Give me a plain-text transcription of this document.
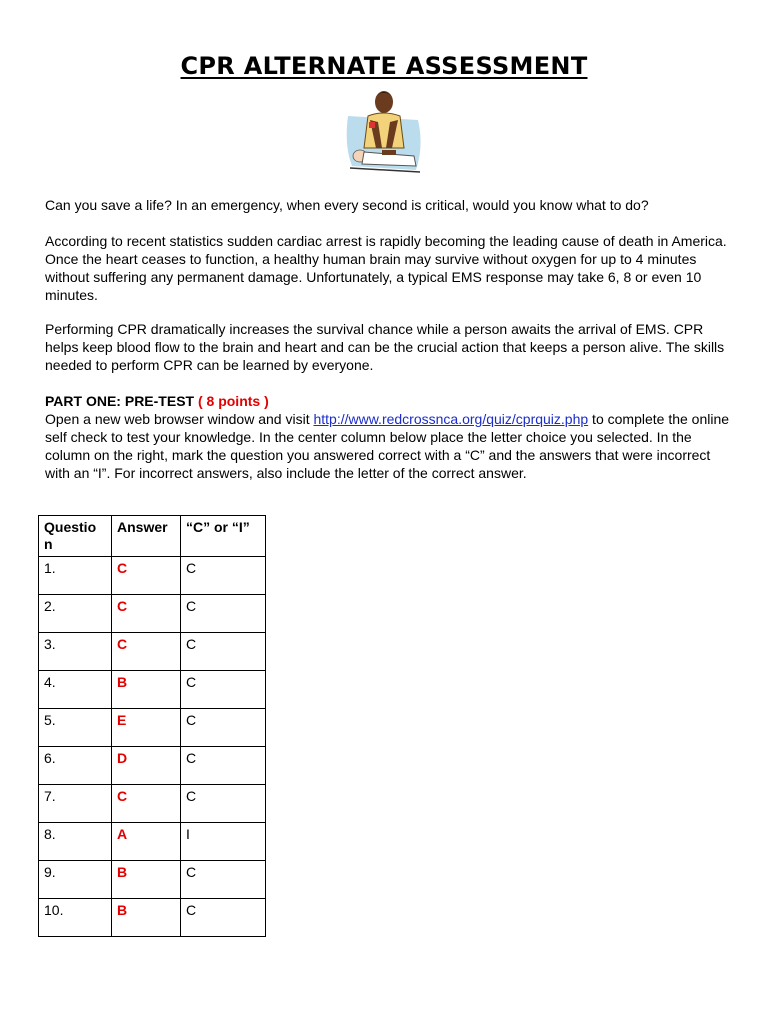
CPR ALTERNATE ASSESSMENT

Can you save a life? In an emergency, when every second is critical, would you know what to do?

According to recent statistics sudden cardiac arrest is rapidly becoming the leading cause of death in America. Once the heart ceases to function, a healthy human brain may survive without oxygen for up to 4 minutes without suffering any permanent damage. Unfortunately, a typical EMS response may take 6, 8 or even 10 minutes.

Performing CPR dramatically increases the survival chance while a person awaits the arrival of EMS. CPR helps keep blood flow to the brain and heart and can be the crucial action that keeps a person alive. The skills needed to perform CPR can be learned by everyone.

PART ONE: PRE-TEST ( 8 points )

Open a new web browser window and visit http://www.redcrossnca.org/quiz/cprquiz.php to complete the online self check to test your knowledge. In the center column below place the letter choice you selected. In the column on the right, mark the question you answered correct with a “C” and the answers that were incorrect with an “I”. For incorrect answers, also include the letter of the correct answer.

Questio n	Answer	“C” or “I”
1.	C	C
2.	C	C
3.	C	C
4.	B	C
5.	E	C
6.	D	C
7.	C	C
8.	A	I
9.	B	C
10.	B	C
